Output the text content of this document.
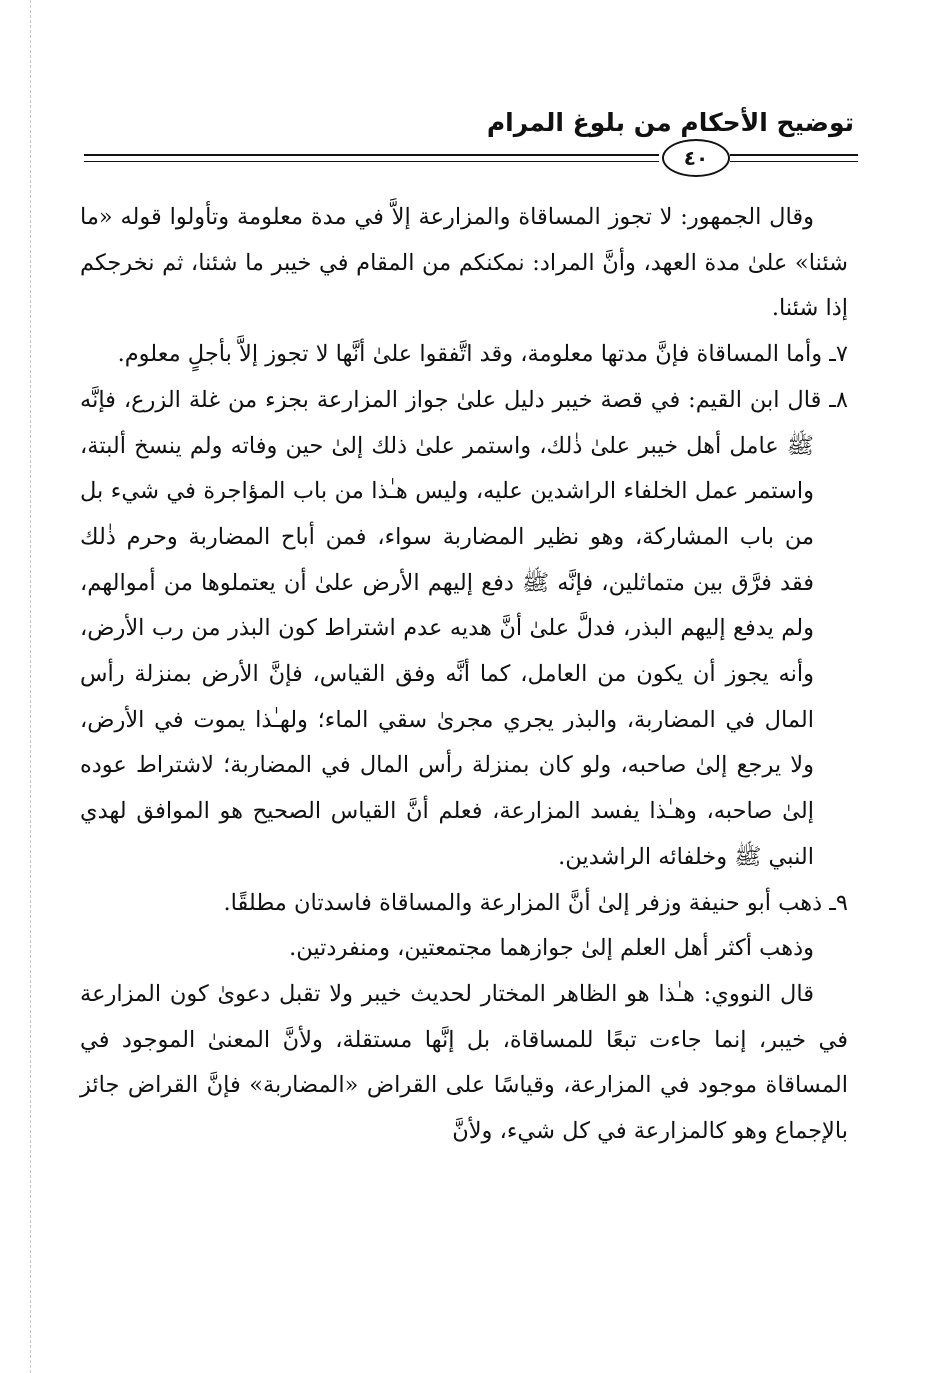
توضيح الأحكام من بلوغ المرام
٤٠

وقال الجمهور: لا تجوز المساقاة والمزارعة إلاَّ في مدة معلومة وتأولوا قوله «ما شئنا» علىٰ مدة العهد، وأنَّ المراد: نمكنكم من المقام في خيبر ما شئنا، ثم نخرجكم إذا شئنا.

٧ـ وأما المساقاة فإنَّ مدتها معلومة، وقد اتَّفقوا علىٰ أنَّها لا تجوز إلاَّ بأجلٍ معلوم.

٨ـ قال ابن القيم: في قصة خيبر دليل علىٰ جواز المزارعة بجزء من غلة الزرع، فإنَّه ﷺ عامل أهل خيبر علىٰ ذٰلك، واستمر علىٰ ذلك إلىٰ حين وفاته ولم ينسخ ألبتة، واستمر عمل الخلفاء الراشدين عليه، وليس هـٰذا من باب المؤاجرة في شيء بل من باب المشاركة، وهو نظير المضاربة سواء، فمن أباح المضاربة وحرم ذٰلك فقد فرَّق بين متماثلين، فإنَّه ﷺ دفع إليهم الأرض علىٰ أن يعتملوها من أموالهم، ولم يدفع إليهم البذر، فدلَّ علىٰ أنَّ هديه عدم اشتراط كون البذر من رب الأرض، وأنه يجوز أن يكون من العامل، كما أنَّه وفق القياس، فإنَّ الأرض بمنزلة رأس المال في المضاربة، والبذر يجري مجرىٰ سقي الماء؛ ولهـٰذا يموت في الأرض، ولا يرجع إلىٰ صاحبه، ولو كان بمنزلة رأس المال في المضاربة؛ لاشتراط عوده إلىٰ صاحبه، وهـٰذا يفسد المزارعة، فعلم أنَّ القياس الصحيح هو الموافق لهدي النبي ﷺ وخلفائه الراشدين.

٩ـ ذهب أبو حنيفة وزفر إلىٰ أنَّ المزارعة والمساقاة فاسدتان مطلقًا.

وذهب أكثر أهل العلم إلىٰ جوازهما مجتمعتين، ومنفردتين.

قال النووي: هـٰذا هو الظاهر المختار لحديث خيبر ولا تقبل دعوىٰ كون المزارعة في خيبر، إنما جاءت تبعًا للمساقاة، بل إنَّها مستقلة، ولأنَّ المعنىٰ الموجود في المساقاة موجود في المزارعة، وقياسًا على القراض «المضاربة» فإنَّ القراض جائز بالإجماع وهو كالمزارعة في كل شيء، ولأنَّ
